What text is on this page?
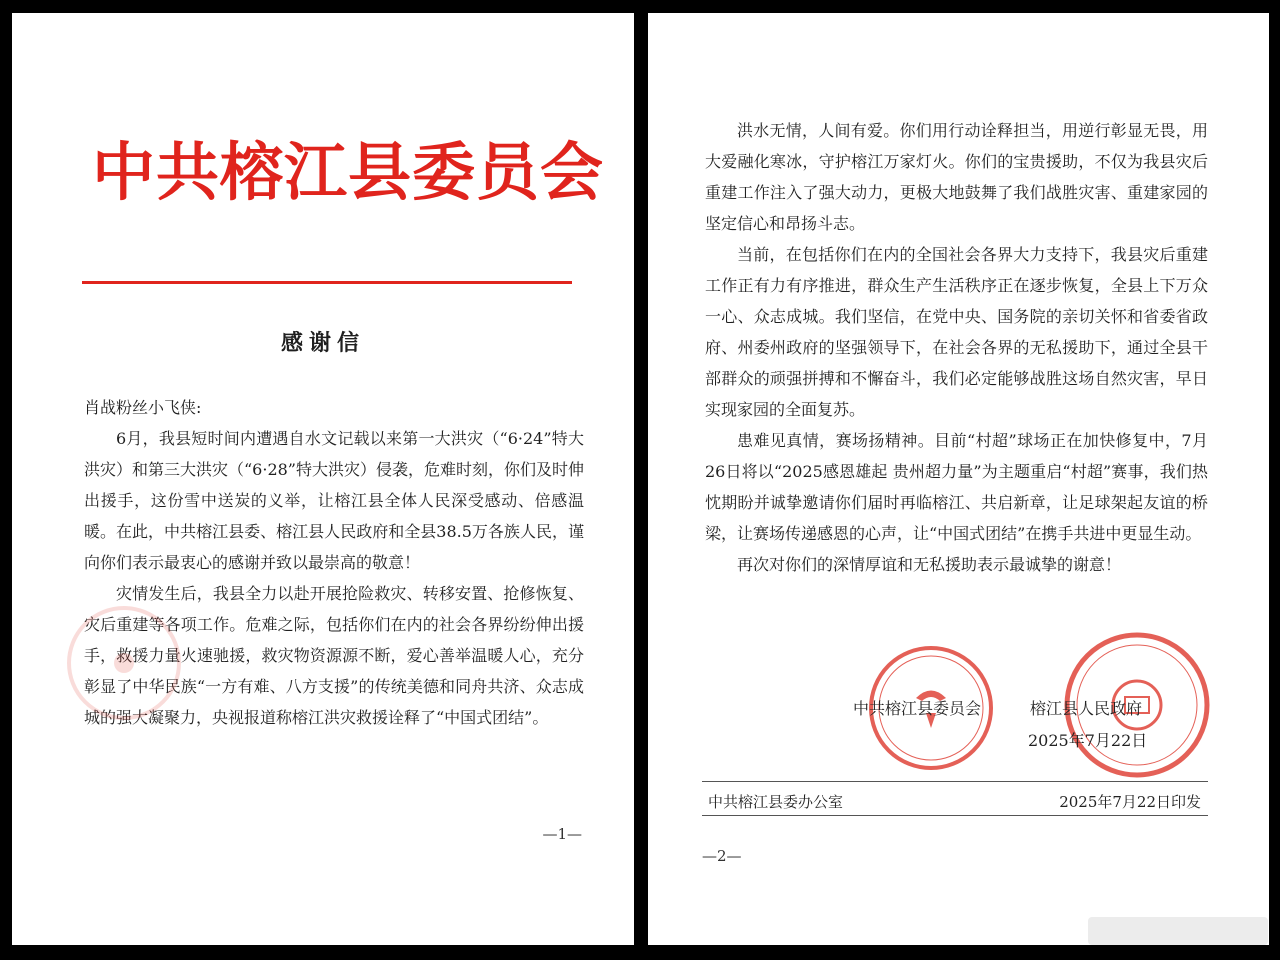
中共榕江县委员会
感谢信

肖战粉丝小飞侠:

6月，我县短时间内遭遇自水文记载以来第一大洪灾（“6·24”特大洪灾）和第三大洪灾（“6·28”特大洪灾）侵袭，危难时刻，你们及时伸出援手，这份雪中送炭的义举，让榕江县全体人民深受感动、倍感温暖。在此，中共榕江县委、榕江县人民政府和全县38.5万各族人民，谨向你们表示最衷心的感谢并致以最崇高的敬意！

灾情发生后，我县全力以赴开展抢险救灾、转移安置、抢修恢复、灾后重建等各项工作。危难之际，包括你们在内的社会各界纷纷伸出援手，救援力量火速驰援，救灾物资源源不断，爱心善举温暖人心，充分彰显了中华民族“一方有难、八方支援”的传统美德和同舟共济、众志成城的强大凝聚力，央视报道称榕江洪灾救援诠释了“中国式团结”。

—1—

洪水无情，人间有爱。你们用行动诠释担当，用逆行彰显无畏，用大爱融化寒冰，守护榕江万家灯火。你们的宝贵援助，不仅为我县灾后重建工作注入了强大动力，更极大地鼓舞了我们战胜灾害、重建家园的坚定信心和昂扬斗志。

当前，在包括你们在内的全国社会各界大力支持下，我县灾后重建工作正有力有序推进，群众生产生活秩序正在逐步恢复，全县上下万众一心、众志成城。我们坚信，在党中央、国务院的亲切关怀和省委省政府、州委州政府的坚强领导下，在社会各界的无私援助下，通过全县干部群众的顽强拼搏和不懈奋斗，我们必定能够战胜这场自然灾害，早日实现家园的全面复苏。

患难见真情，赛场扬精神。目前“村超”球场正在加快修复中，7月26日将以“2025感恩雄起 贵州超力量”为主题重启“村超”赛事，我们热忱期盼并诚挚邀请你们届时再临榕江、共启新章，让足球架起友谊的桥梁，让赛场传递感恩的心声，让“中国式团结”在携手共进中更显生动。

再次对你们的深情厚谊和无私援助表示最诚挚的谢意！

中共榕江县委员会	榕江县人民政府
2025年7月22日
中共榕江县委办公室	2025年7月22日印发
—2—
